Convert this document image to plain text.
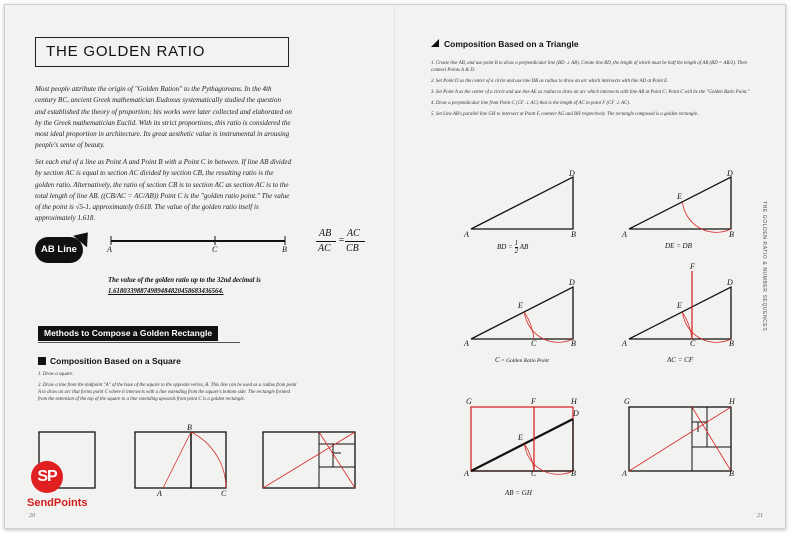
THE GOLDEN RATIO
Most people attribute the origin of "Golden Ration" to the Pythagoreans. In the 4th century BC, ancient Greek mathematician Eudoxus systematically studied the question and established the theory of proportion; his works were later collected and elaborated on by the Greek mathematician Euclid. With its strict proportions, this ratio is considered the most ideal proportion in architecture. Its great aesthetic value is instrumental in arousing people's sense of beauty.
Set each end of a line as Point A and Point B with a Point C in between. If line AB divided by section AC is equal to section AC divided by section CB, the resulting ratio is the golden ratio. Alternatively, the ratio of section CB is to section AC as section AC is to the total length of line AB. ((CB/AC = AC/AB)) Point C is the "golden ratio point." The value of the point is √5-1, approximately 0.618. The value of the golden ratio itself is approximately 1.618.
AB Line	A	C	B
AB
AC
=
AC
CB
The value of the golden ratio up to the 32nd decimal is
1.61803398874989484820458683436564.
Methods to Compose a Golden Rectangle
Composition Based on a Square

1. Draw a square.

2. Draw a line from the midpoint "A" of the base of the square to the opposite vertex, B. This line can be used as a radius from point A to draw an arc that forms point C where it intersects with a line extending from the square's bottom side. The rectangle formed from the extension of the top of the square to a line extending upwards from point C is a golden rectangle.

B
A	C
SP
SendPoints
20
Composition Based on a Triangle

1. Create line AB, and use point B to draw a perpendicular line (BD ⊥ AB). Create line BD, the length of which must be half the length of AB (BD = AB/2). Then connect Points A & D.

2. Set Point D as the center of a circle and use line DB as radius to draw an arc which intersects with line AD at Point E.

3. Set Point A as the center of a circle and use line AE as radius to draw an arc which intersects with line AB at Point C; Point C will be the "Golden Ratio Point."

4. Draw a perpendicular line from Point C (CF ⊥ AC) that is the length of AC to point F (CF ⊥ AC).

5. Set Line AB's parallel line GH to intersect at Point F, connect AG and BH respectively. The rectangle composed is a golden rectangle.

A	B
D
BD = $\frac{1}{2}$ AB
A	B
D
E
DE = DB
A	B
D
E
C
C = Golden Ratio Point
A	B
D
E
C
F
AC = CF
A	B
C
D
E
F
G	H
AB = GH
A	B
G	H
THE GOLDEN RATIO & NUMBER SEQUENCES
21
